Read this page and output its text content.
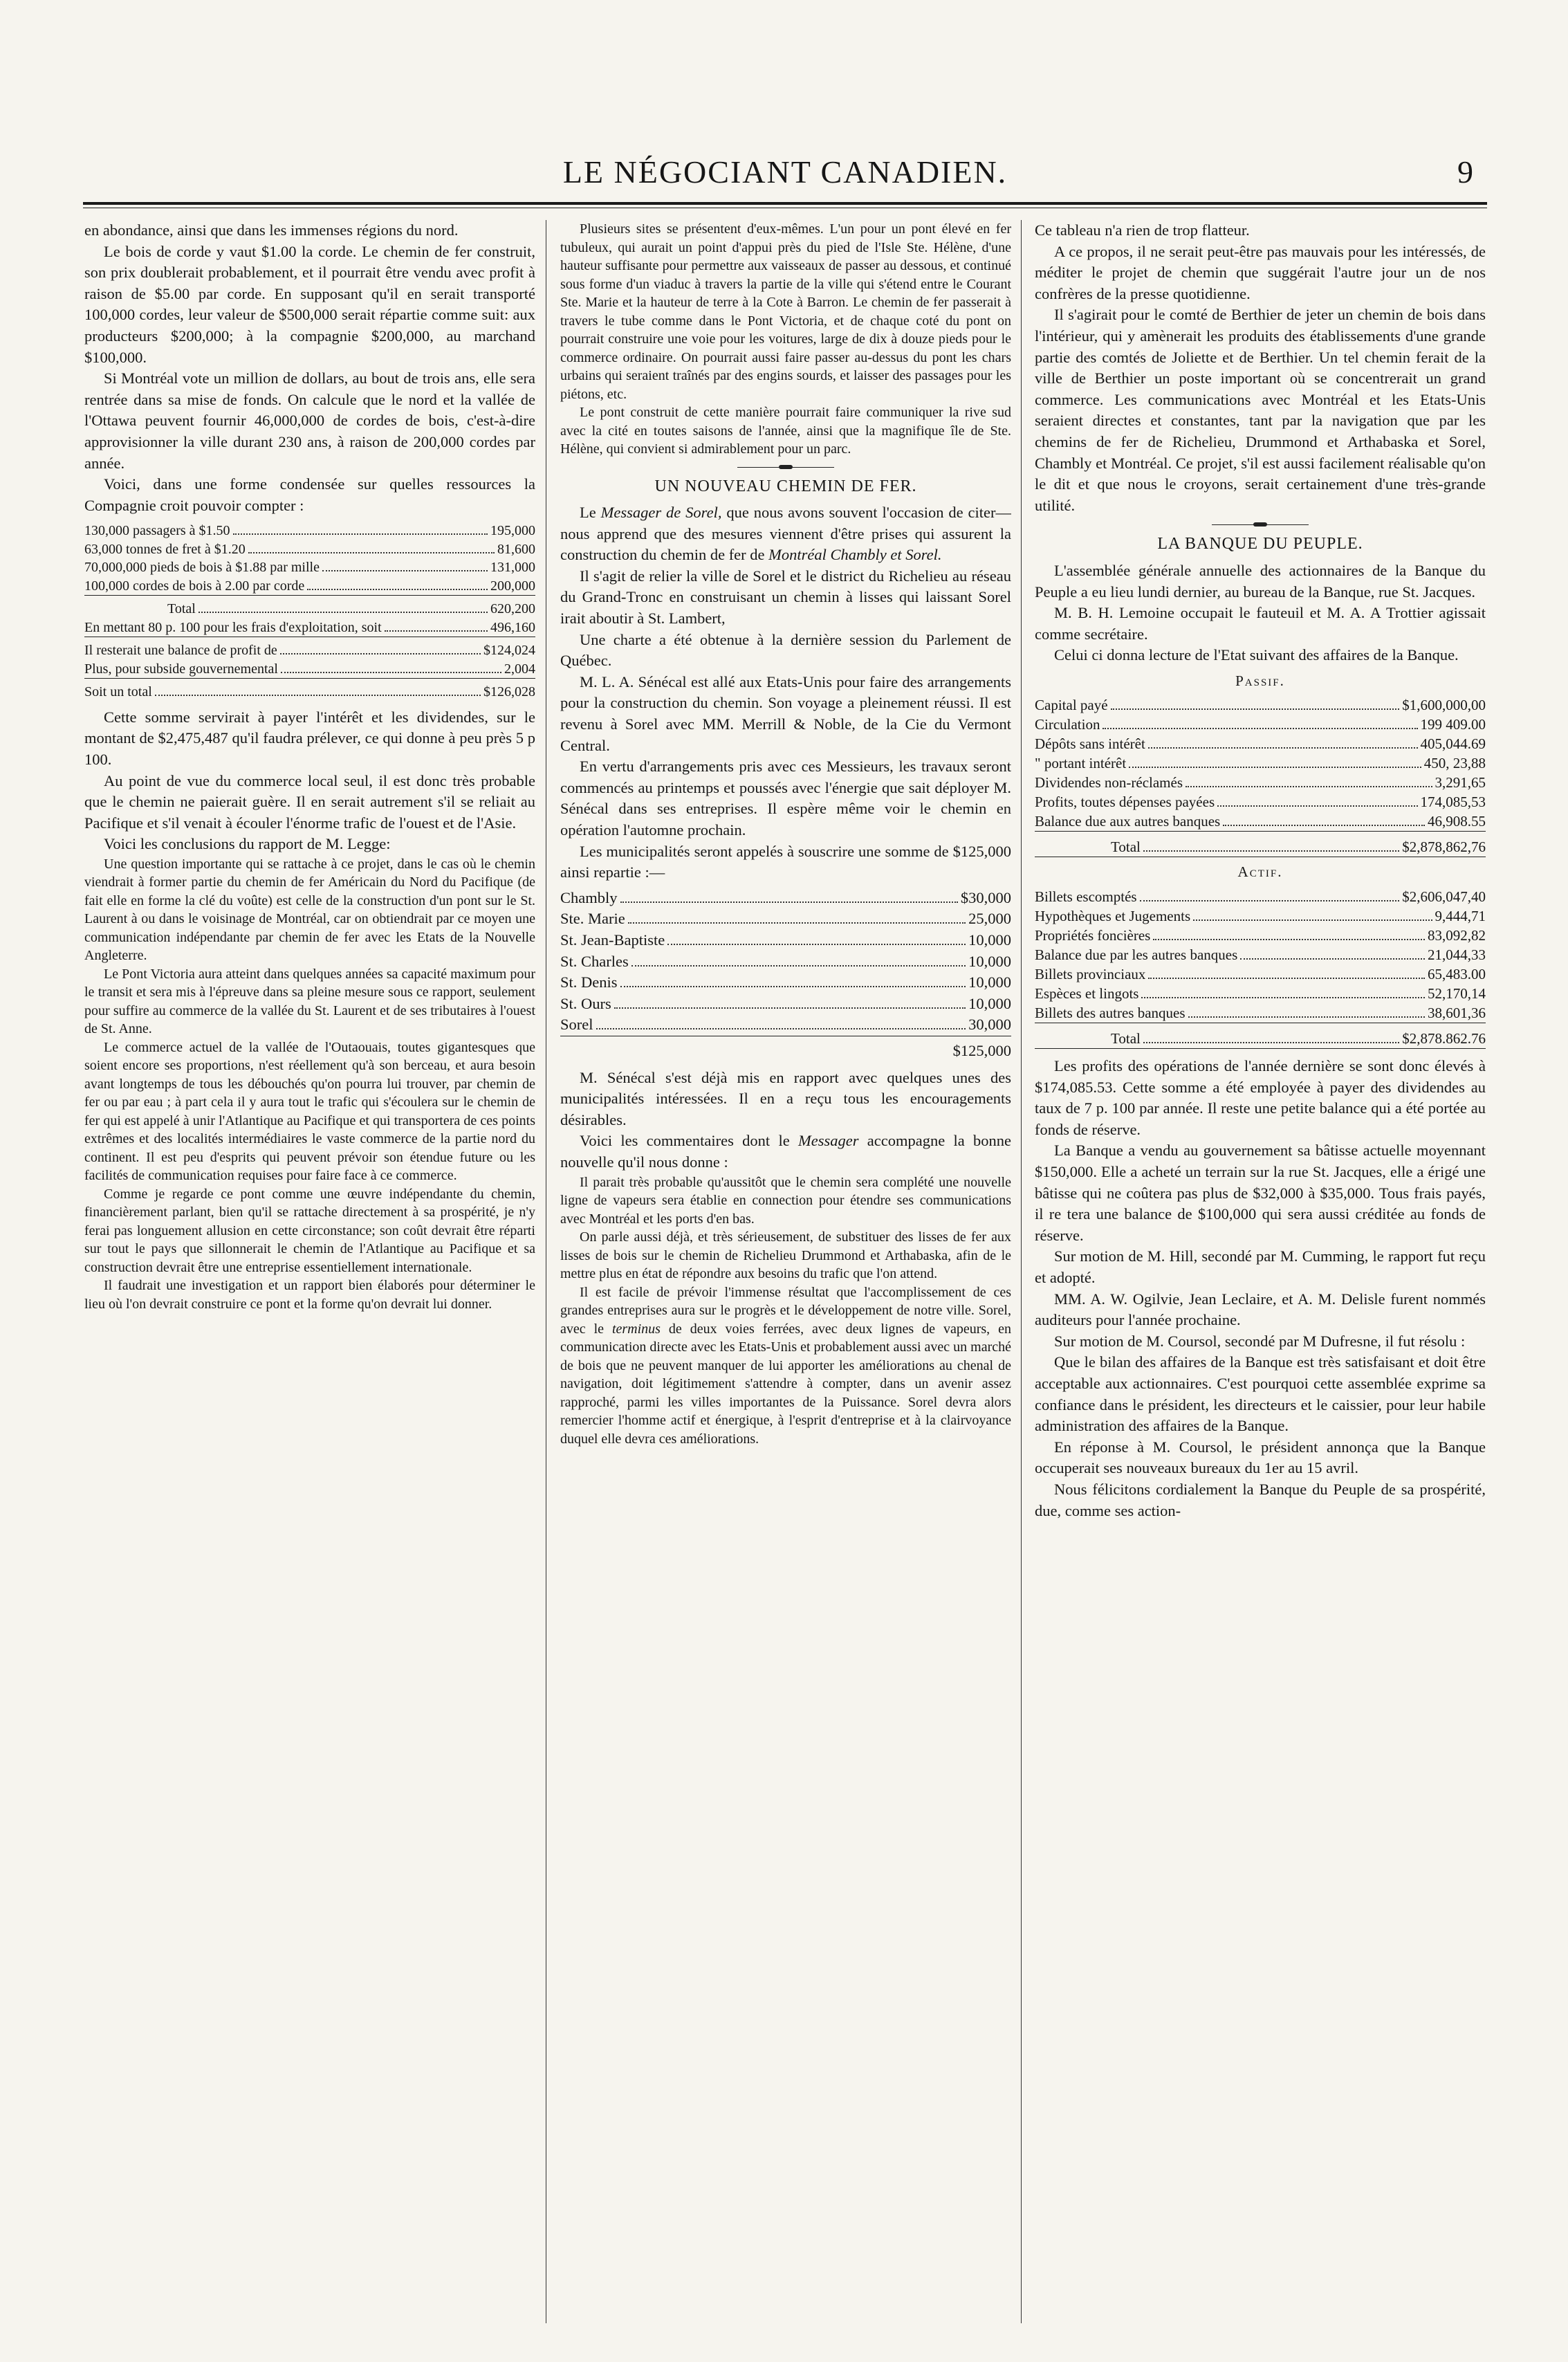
LE NÉGOCIANT CANADIEN.	9

en abondance, ainsi que dans les immenses régions du nord.

Le bois de corde y vaut $1.00 la corde. Le chemin de fer construit, son prix doublerait probablement, et il pourrait être vendu avec profit à raison de $5.00 par corde. En supposant qu'il en serait transporté 100,000 cordes, leur valeur de $500,000 serait répartie comme suit: aux producteurs $200,000; à la compagnie $200,000, au marchand $100,000.

Si Montréal vote un million de dollars, au bout de trois ans, elle sera rentrée dans sa mise de fonds. On calcule que le nord et la vallée de l'Ottawa peuvent fournir 46,000,000 de cordes de bois, c'est-à-dire approvisionner la ville durant 230 ans, à raison de 200,000 cordes par année.

Voici, dans une forme condensée sur quelles ressources la Compagnie croit pouvoir compter :

130,000 passagers à $1.50	195,000
63,000 tonnes de fret à $1.20	81,600
70,000,000 pieds de bois à $1.88 par mille	131,000
100,000 cordes de bois à 2.00 par corde	200,000
Total	620,200
En mettant 80 p. 100 pour les frais d'exploitation, soit	496,160
Il resterait une balance de profit de	$124,024
Plus, pour subside gouvernemental	2,004
Soit un total	$126,028

Cette somme servirait à payer l'intérêt et les dividendes, sur le montant de $2,475,487 qu'il faudra prélever, ce qui donne à peu près 5 p 100.

Au point de vue du commerce local seul, il est donc très probable que le chemin ne paierait guère. Il en serait autrement s'il se reliait au Pacifique et s'il venait à écouler l'énorme trafic de l'ouest et de l'Asie.

Voici les conclusions du rapport de M. Legge:

Une question importante qui se rattache à ce projet, dans le cas où le chemin viendrait à former partie du chemin de fer Américain du Nord du Pacifique (de fait elle en forme la clé du voûte) est celle de la construction d'un pont sur le St. Laurent à ou dans le voisinage de Montréal, car on obtiendrait par ce moyen une communication indépendante par chemin de fer avec les Etats de la Nouvelle Angleterre.

Le Pont Victoria aura atteint dans quelques années sa capacité maximum pour le transit et sera mis à l'épreuve dans sa pleine mesure sous ce rapport, seulement pour suffire au commerce de la vallée du St. Laurent et de ses tributaires à l'ouest de St. Anne.

Le commerce actuel de la vallée de l'Outaouais, toutes gigantesques que soient encore ses proportions, n'est réellement qu'à son berceau, et aura besoin avant longtemps de tous les débouchés qu'on pourra lui trouver, par chemin de fer ou par eau ; à part cela il y aura tout le trafic qui s'écoulera sur le chemin de fer qui est appelé à unir l'Atlantique au Pacifique et qui transportera de ces points extrêmes et des localités intermédiaires le vaste commerce de la partie nord du continent. Il est peu d'esprits qui peuvent prévoir son étendue future ou les facilités de communication requises pour faire face à ce commerce.

Comme je regarde ce pont comme une œuvre indépendante du chemin, financièrement parlant, bien qu'il se rattache directement à sa prospérité, je n'y ferai pas longuement allusion en cette circonstance; son coût devrait être réparti sur tout le pays que sillonnerait le chemin de l'Atlantique au Pacifique et sa construction devrait être une entreprise essentiellement internationale.

Il faudrait une investigation et un rapport bien élaborés pour déterminer le lieu où l'on devrait construire ce pont et la forme qu'on devrait lui donner.

Plusieurs sites se présentent d'eux-mêmes. L'un pour un pont élevé en fer tubuleux, qui aurait un point d'appui près du pied de l'Isle Ste. Hélène, d'une hauteur suffisante pour permettre aux vaisseaux de passer au dessous, et continué sous forme d'un viaduc à travers la partie de la ville qui s'étend entre le Courant Ste. Marie et la hauteur de terre à la Cote à Barron. Le chemin de fer passerait à travers le tube comme dans le Pont Victoria, et de chaque coté du pont on pourrait construire une voie pour les voitures, large de dix à douze pieds pour le commerce ordinaire. On pourrait aussi faire passer au-dessus du pont les chars urbains qui seraient traînés par des engins sourds, et laisser des passages pour les piétons, etc.

Le pont construit de cette manière pourrait faire communiquer la rive sud avec la cité en toutes saisons de l'année, ainsi que la magnifique île de Ste. Hélène, qui convient si admirablement pour un parc.

UN NOUVEAU CHEMIN DE FER.

Le Messager de Sorel, que nous avons souvent l'occasion de citer—nous apprend que des mesures viennent d'être prises qui assurent la construction du chemin de fer de Montréal Chambly et Sorel.

Il s'agit de relier la ville de Sorel et le district du Richelieu au réseau du Grand-Tronc en construisant un chemin à lisses qui laissant Sorel irait aboutir à St. Lambert,

Une charte a été obtenue à la dernière session du Parlement de Québec.

M. L. A. Sénécal est allé aux Etats-Unis pour faire des arrangements pour la construction du chemin. Son voyage a pleinement réussi. Il est revenu à Sorel avec MM. Merrill & Noble, de la Cie du Vermont Central.

En vertu d'arrangements pris avec ces Messieurs, les travaux seront commencés au printemps et poussés avec l'énergie que sait déployer M. Sénécal dans ses entreprises. Il espère même voir le chemin en opération l'automne prochain.

Les municipalités seront appelés à souscrire une somme de $125,000 ainsi repartie :—

Chambly	$30,000
Ste. Marie	25,000
St. Jean-Baptiste	10,000
St. Charles	10,000
St. Denis	10,000
St. Ours	10,000
Sorel	30,000
$125,000

M. Sénécal s'est déjà mis en rapport avec quelques unes des municipalités intéressées. Il en a reçu tous les encouragements désirables.

Voici les commentaires dont le Messager accompagne la bonne nouvelle qu'il nous donne :

Il parait très probable qu'aussitôt que le chemin sera complété une nouvelle ligne de vapeurs sera établie en connection pour étendre ses communications avec Montréal et les ports d'en bas.

On parle aussi déjà, et très sérieusement, de substituer des lisses de fer aux lisses de bois sur le chemin de Richelieu Drummond et Arthabaska, afin de le mettre plus en état de répondre aux besoins du trafic que l'on attend.

Il est facile de prévoir l'immense résultat que l'accomplissement de ces grandes entreprises aura sur le progrès et le développement de notre ville. Sorel, avec le terminus de deux voies ferrées, avec deux lignes de vapeurs, en communication directe avec les Etats-Unis et probablement aussi avec un marché de bois que ne peuvent manquer de lui apporter les améliorations au chenal de navigation, doit légitimement s'attendre à compter, dans un avenir assez rapproché, parmi les villes importantes de la Puissance. Sorel devra alors remercier l'homme actif et énergique, à l'esprit d'entreprise et à la clairvoyance duquel elle devra ces améliorations.

Ce tableau n'a rien de trop flatteur.

A ce propos, il ne serait peut-être pas mauvais pour les intéressés, de méditer le projet de chemin que suggérait l'autre jour un de nos confrères de la presse quotidienne.

Il s'agirait pour le comté de Berthier de jeter un chemin de bois dans l'intérieur, qui y amènerait les produits des établissements d'une grande partie des comtés de Joliette et de Berthier. Un tel chemin ferait de la ville de Berthier un poste important où se concentrerait un grand commerce. Les communications avec Montréal et les Etats-Unis seraient directes et constantes, tant par la navigation que par les chemins de fer de Richelieu, Drummond et Arthabaska et Sorel, Chambly et Montréal. Ce projet, s'il est aussi facilement réalisable qu'on le dit et que nous le croyons, serait certainement d'une très-grande utilité.

LA BANQUE DU PEUPLE.

L'assemblée générale annuelle des actionnaires de la Banque du Peuple a eu lieu lundi dernier, au bureau de la Banque, rue St. Jacques.

M. B. H. Lemoine occupait le fauteuil et M. A. A Trottier agissait comme secrétaire.

Celui ci donna lecture de l'Etat suivant des affaires de la Banque.

Passif.
Capital payé	$1,600,000,00
Circulation	199 409.00
Dépôts sans intérêt	405,044.69
" portant intérêt	450, 23,88
Dividendes non-réclamés	3,291,65
Profits, toutes dépenses payées	174,085,53
Balance due aux autres banques	46,908.55
Total	$2,878,862,76
Actif.
Billets escomptés	$2,606,047,40
Hypothèques et Jugements	9,444,71
Propriétés foncières	83,092,82
Balance due par les autres banques	21,044,33
Billets provinciaux	65,483.00
Espèces et lingots	52,170,14
Billets des autres banques	38,601,36
Total	$2,878.862.76

Les profits des opérations de l'année dernière se sont donc élevés à $174,085.53. Cette somme a été employée à payer des dividendes au taux de 7 p. 100 par année. Il reste une petite balance qui a été portée au fonds de réserve.

La Banque a vendu au gouvernement sa bâtisse actuelle moyennant $150,000. Elle a acheté un terrain sur la rue St. Jacques, elle a érigé une bâtisse qui ne coûtera pas plus de $32,000 à $35,000. Tous frais payés, il re tera une balance de $100,000 qui sera aussi créditée au fonds de réserve.

Sur motion de M. Hill, secondé par M. Cumming, le rapport fut reçu et adopté.

MM. A. W. Ogilvie, Jean Leclaire, et A. M. Delisle furent nommés auditeurs pour l'année prochaine.

Sur motion de M. Coursol, secondé par M Dufresne, il fut résolu :

Que le bilan des affaires de la Banque est très satisfaisant et doit être acceptable aux actionnaires. C'est pourquoi cette assemblée exprime sa confiance dans le président, les directeurs et le caissier, pour leur habile administration des affaires de la Banque.

En réponse à M. Coursol, le président annonça que la Banque occuperait ses nouveaux bureaux du 1er au 15 avril.

Nous félicitons cordialement la Banque du Peuple de sa prospérité, due, comme ses action-
